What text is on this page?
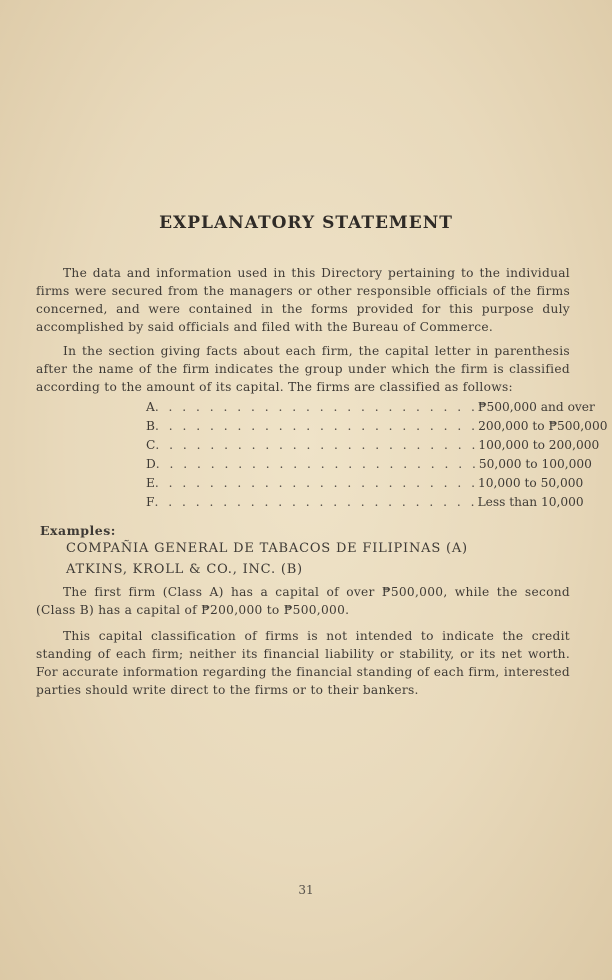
EXPLANATORY STATEMENT
The data and information used in this Directory pertaining to the individual firms were secured from the managers or other responsible officials of the firms concerned, and were contained in the forms provided for this purpose duly accomplished by said officials and filed with the Bureau of Commerce.
In the section giving facts about each firm, the capital letter in parenthesis after the name of the firm indicates the group under which the firm is classified according to the amount of its capital. The firms are classified as follows:
A . . . . . . . . . . . . . . . . . . . . . . . . ₱500,000 and over
B . . . . . . . . . . . . . . . . . . . . . . . . 200,000 to ₱500,000
C . . . . . . . . . . . . . . . . . . . . . . . . 100,000 to 200,000
D . . . . . . . . . . . . . . . . . . . . . . . . 50,000 to 100,000
E . . . . . . . . . . . . . . . . . . . . . . . . 10,000 to 50,000
F . . . . . . . . . . . . . . . . . . . . . . . . Less than 10,000
Examples:
COMPAÑIA GENERAL DE TABACOS DE FILIPINAS (A)
ATKINS, KROLL & CO., INC. (B)
The first firm (Class A) has a capital of over ₱500,000, while the second (Class B) has a capital of ₱200,000 to ₱500,000.
This capital classification of firms is not intended to indicate the credit standing of each firm; neither its financial liability or stability, or its net worth. For accurate information regarding the financial standing of each firm, interested parties should write direct to the firms or to their bankers.
31
